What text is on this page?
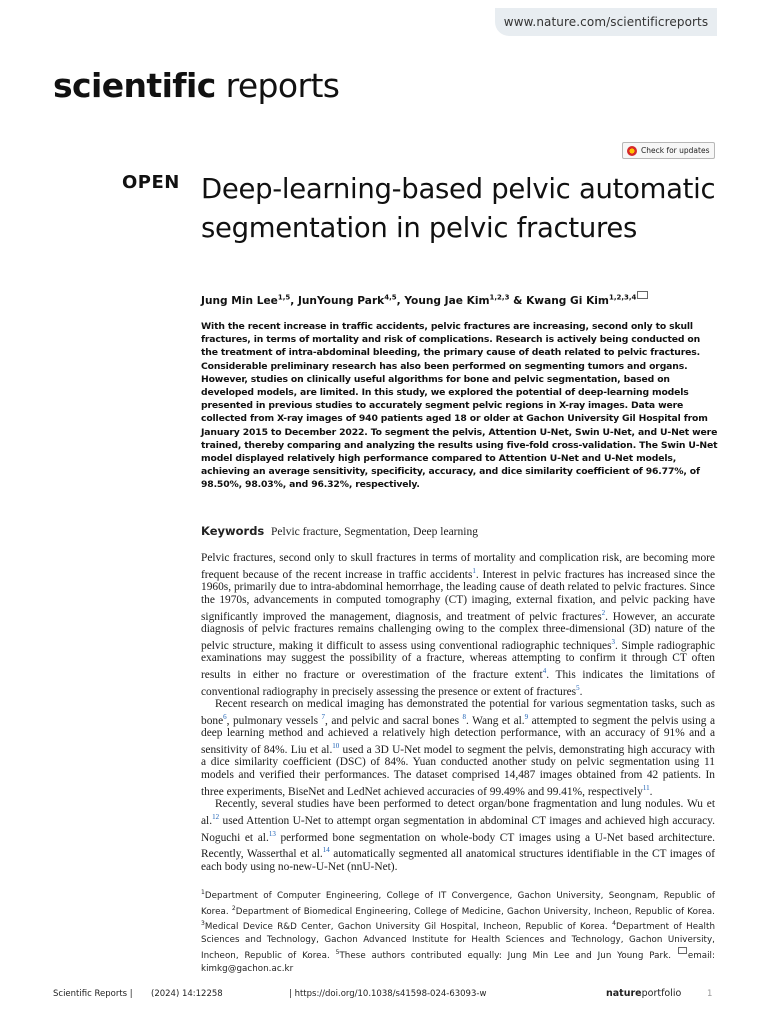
www.nature.com/scientificreports
scientific reports
Check for updates
OPEN Deep-learning-based pelvic automatic segmentation in pelvic fractures
Jung Min Lee$^{1,5}$, JunYoung Park$^{4,5}$, Young Jae Kim$^{1,2,3}$ & Kwang Gi Kim$^{1,2,3,4}$

With the recent increase in traffic accidents, pelvic fractures are increasing, second only to skull fractures, in terms of mortality and risk of complications. Research is actively being conducted on the treatment of intra-abdominal bleeding, the primary cause of death related to pelvic fractures. Considerable preliminary research has also been performed on segmenting tumors and organs. However, studies on clinically useful algorithms for bone and pelvic segmentation, based on developed models, are limited. In this study, we explored the potential of deep-learning models presented in previous studies to accurately segment pelvic regions in X-ray images. Data were collected from X-ray images of 940 patients aged 18 or older at Gachon University Gil Hospital from January 2015 to December 2022. To segment the pelvis, Attention U-Net, Swin U-Net, and U-Net were trained, thereby comparing and analyzing the results using five-fold cross-validation. The Swin U-Net model displayed relatively high performance compared to Attention U-Net and U-Net models, achieving an average sensitivity, specificity, accuracy, and dice similarity coefficient of 96.77%, of 98.50%, 98.03%, and 96.32%, respectively.

Keywords Pelvic fracture, Segmentation, Deep learning

Pelvic fractures, second only to skull fractures in terms of mortality and complication risk, are becoming more frequent because of the recent increase in traffic accidents$^1$. Interest in pelvic fractures has increased since the 1960s, primarily due to intra-abdominal hemorrhage, the leading cause of death related to pelvic fractures. Since the 1970s, advancements in computed tomography (CT) imaging, external fixation, and pelvic packing have significantly improved the management, diagnosis, and treatment of pelvic fractures$^2$. However, an accurate diagnosis of pelvic fractures remains challenging owing to the complex three-dimensional (3D) nature of the pelvic structure, making it difficult to assess using conventional radiographic techniques$^3$. Simple radiographic examinations may suggest the possibility of a fracture, whereas attempting to confirm it through CT often results in either no fracture or overestimation of the fracture extent$^4$. This indicates the limitations of conventional radiography in precisely assessing the presence or extent of fractures$^5$.

Recent research on medical imaging has demonstrated the potential for various segmentation tasks, such as bone$^6$, pulmonary vessels $^7$, and pelvic and sacral bones $^8$. Wang et al.$^9$ attempted to segment the pelvis using a deep learning method and achieved a relatively high detection performance, with an accuracy of 91% and a sensitivity of 84%. Liu et al.$^{10}$ used a 3D U-Net model to segment the pelvis, demonstrating high accuracy with a dice similarity coefficient (DSC) of 84%. Yuan conducted another study on pelvic segmentation using 11 models and verified their performances. The dataset comprised 14,487 images obtained from 42 patients. In three experiments, BiseNet and LedNet achieved accuracies of 99.49% and 99.41%, respectively$^{11}$.

Recently, several studies have been performed to detect organ/bone fragmentation and lung nodules. Wu et al.$^{12}$ used Attention U-Net to attempt organ segmentation in abdominal CT images and achieved high accuracy. Noguchi et al.$^{13}$ performed bone segmentation on whole-body CT images using a U-Net based architecture. Recently, Wasserthal et al.$^{14}$ automatically segmented all anatomical structures identifiable in the CT images of each body using no-new-U-Net (nnU-Net).

$^1$Department of Computer Engineering, College of IT Convergence, Gachon University, Seongnam, Republic of Korea. $^2$Department of Biomedical Engineering, College of Medicine, Gachon University, Incheon, Republic of Korea. $^3$Medical Device R&D Center, Gachon University Gil Hospital, Incheon, Republic of Korea. $^4$Department of Health Sciences and Technology, Gachon Advanced Institute for Health Sciences and Technology, Gachon University, Incheon, Republic of Korea. $^5$These authors contributed equally: Jung Min Lee and Jun Young Park. email: kimkg@gachon.ac.kr

Scientific Reports | (2024) 14:12258	| https://doi.org/10.1038/s41598-024-63093-w	natureportfolio	1
